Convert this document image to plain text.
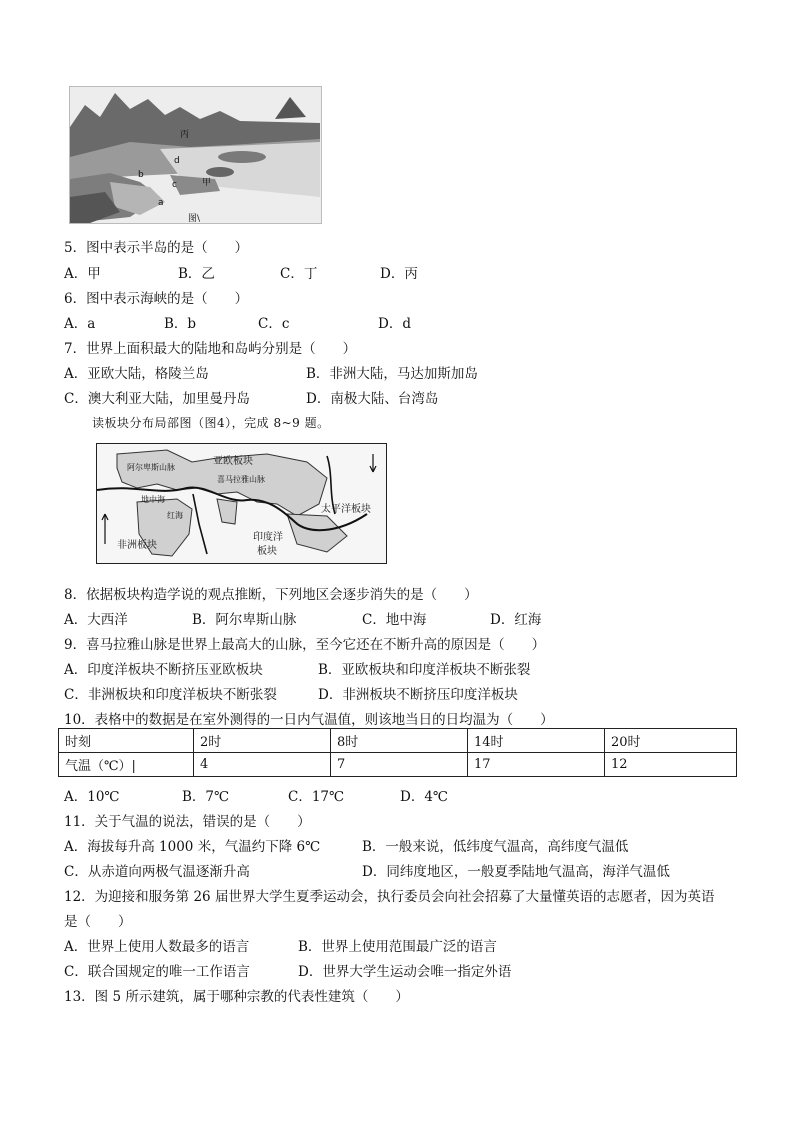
丙
d
b
c	甲
a
图\
5．图中表示半岛的是（　　）
A．甲	B．乙	C．丁	D．丙
6．图中表示海峡的是（　　）
A．a	B．b	C．c	D．d
7．世界上面积最大的陆地和岛屿分别是（　　）
A．亚欧大陆，格陵兰岛	B．非洲大陆，马达加斯加岛
C．澳大利亚大陆，加里曼丹岛	D．南极大陆、台湾岛
读板块分布局部图（图4），完成 8~9 题。
亚欧板块
阿尔卑斯山脉
喜马拉雅山脉
地中海
红海
太平洋板块
非洲板块
印度洋
板块
8．依据板块构造学说的观点推断，下列地区会逐步消失的是（　　）
A．大西洋	B．阿尔卑斯山脉	C．地中海	D．红海
9．喜马拉雅山脉是世界上最高大的山脉，至今它还在不断升高的原因是（　　）
A．印度洋板块不断挤压亚欧板块	B．亚欧板块和印度洋板块不断张裂
C．非洲板块和印度洋板块不断张裂	D．非洲板块不断挤压印度洋板块
10．表格中的数据是在室外测得的一日内气温值，则该地当日的日均温为（　　）
时刻	2时	8时	14时	20时
气温（℃）|	4	7	17	12
A．10℃	B．7℃	C．17℃	D．4℃
11．关于气温的说法，错误的是（　　）
A．海拔每升高 1000 米，气温约下降 6℃	B．一般来说，低纬度气温高，高纬度气温低
C．从赤道向两极气温逐渐升高	D．同纬度地区，一般夏季陆地气温高，海洋气温低
12．为迎接和服务第 26 届世界大学生夏季运动会，执行委员会向社会招募了大量懂英语的志愿者，因为英语
是（　　）
A．世界上使用人数最多的语言	B．世界上使用范围最广泛的语言
C．联合国规定的唯一工作语言	D．世界大学生运动会唯一指定外语
13．图 5 所示建筑，属于哪种宗教的代表性建筑（　　）
